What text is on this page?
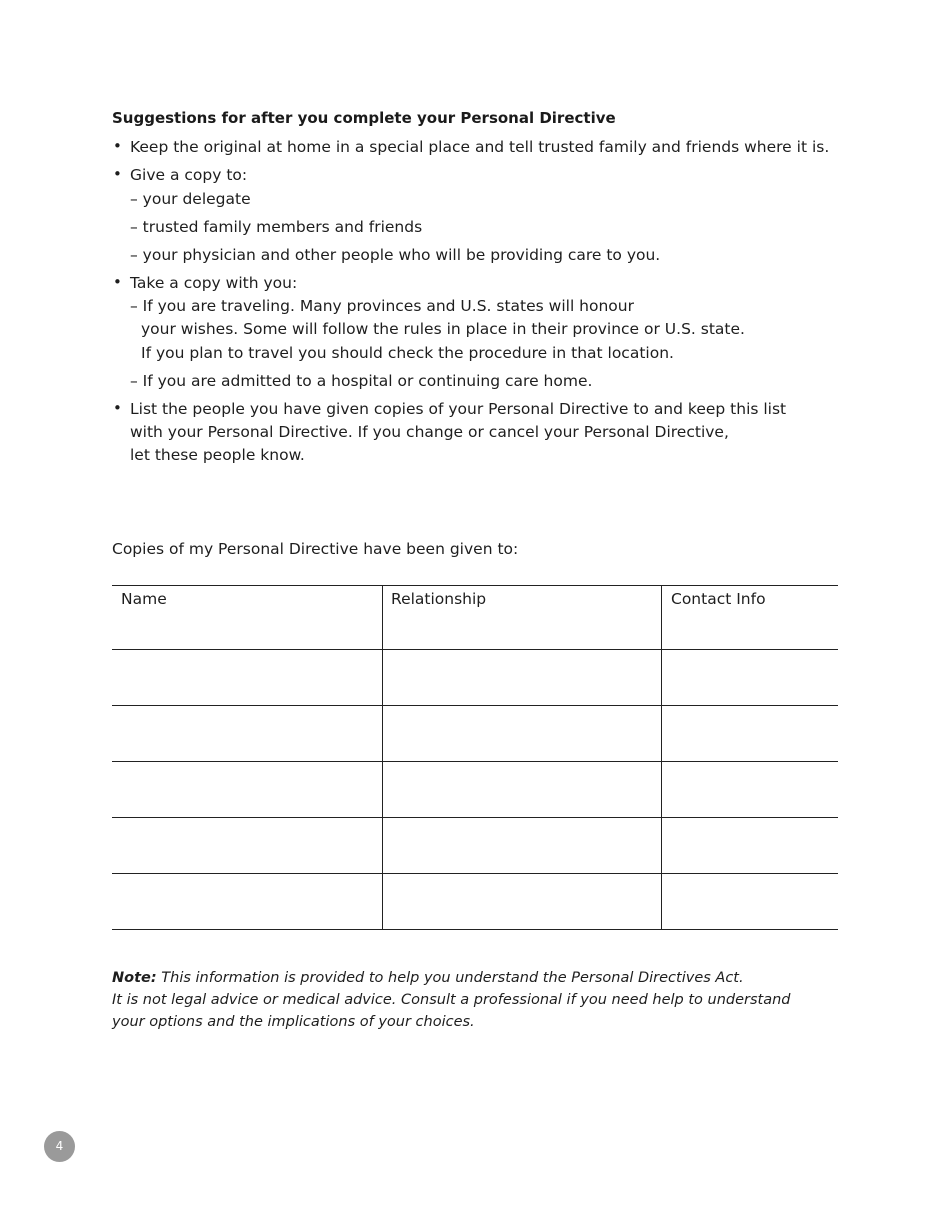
Suggestions for after you complete your Personal Directive
• Keep the original at home in a special place and tell trusted family and friends where it is.
• Give a copy to:
– your delegate
– trusted family members and friends
– your physician and other people who will be providing care to you.
• Take a copy with you:
– If you are traveling. Many provinces and U.S. states will honour
your wishes. Some will follow the rules in place in their province or U.S. state.
If you plan to travel you should check the procedure in that location.
– If you are admitted to a hospital or continuing care home.
• List the people you have given copies of your Personal Directive to and keep this list
with your Personal Directive. If you change or cancel your Personal Directive,
let these people know.
Copies of my Personal Directive have been given to:
Name	Relationship	Contact Info

Note: This information is provided to help you understand the Personal Directives Act.
It is not legal advice or medical advice. Consult a professional if you need help to understand
your options and the implications of your choices.
4
